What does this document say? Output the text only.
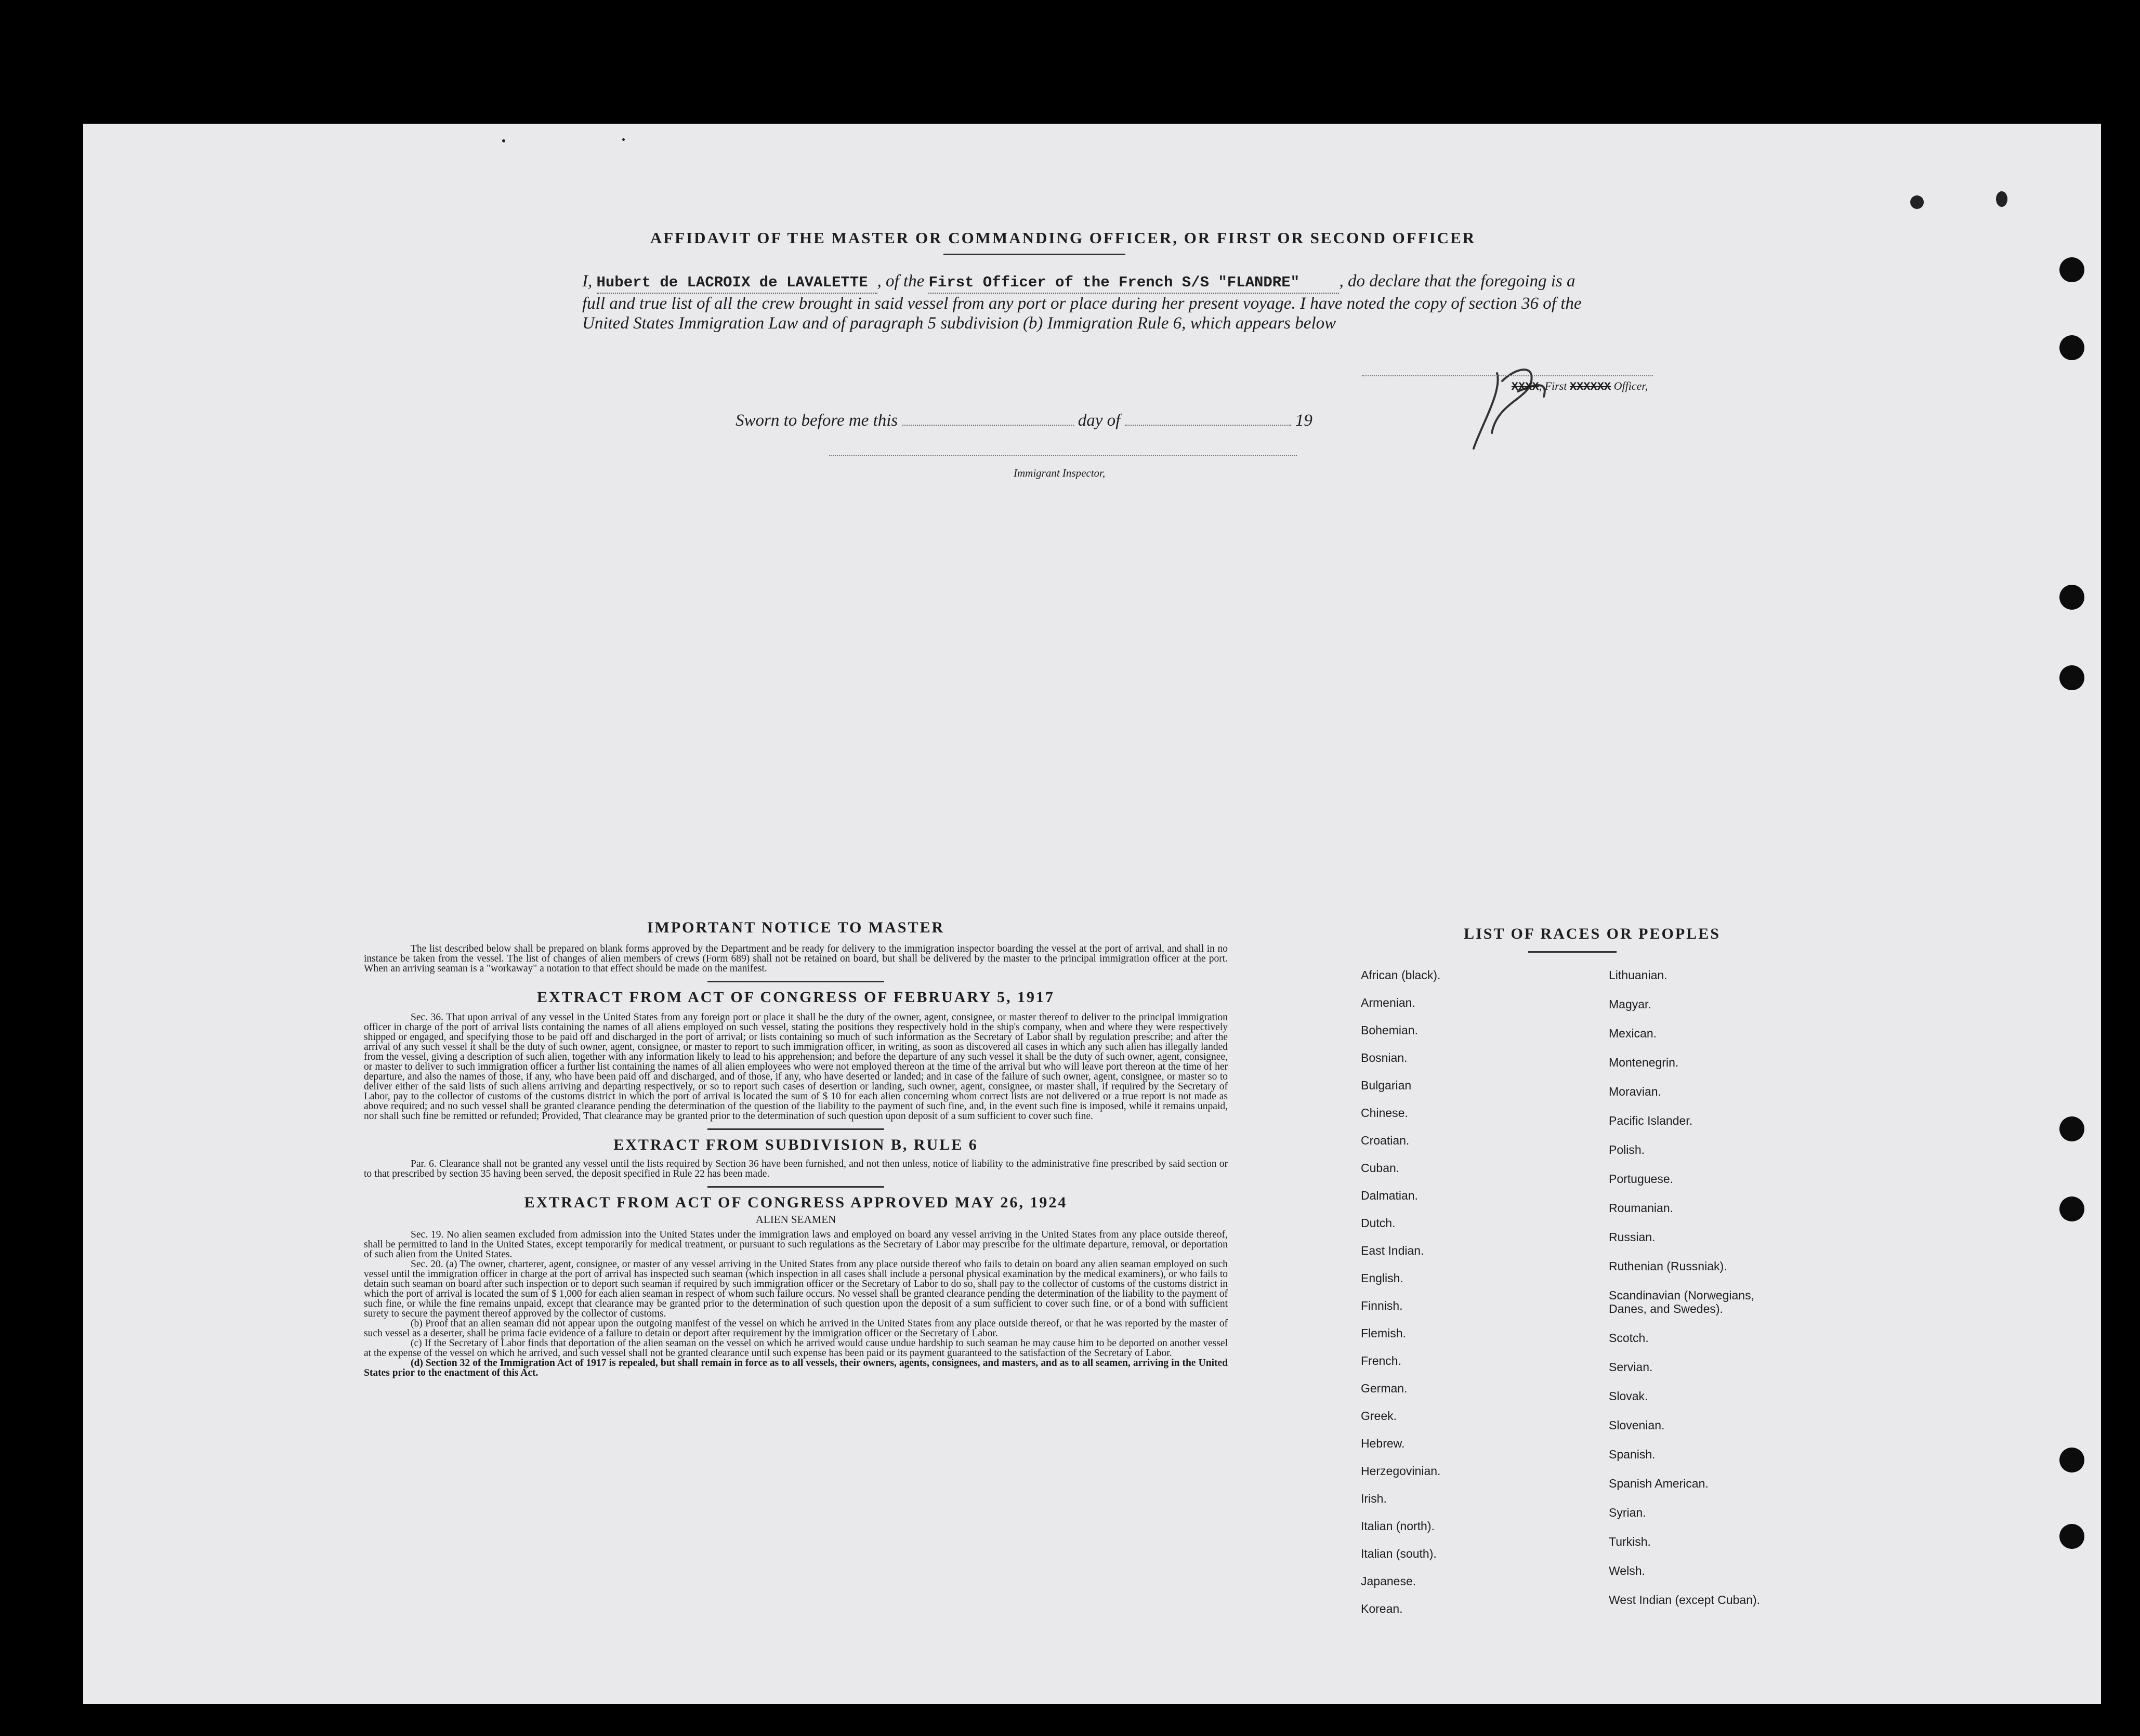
AFFIDAVIT OF THE MASTER OR COMMANDING OFFICER, OR FIRST OR SECOND OFFICER
I, Hubert de LACROIX de LAVALETTE , of the First Officer of the French S/S "FLANDRE" , do declare that the foregoing is a full and true list of all the crew brought in said vessel from any port or place during her present voyage. I have noted the copy of section 36 of the United States Immigration Law and of paragraph 5 subdivision (b) Immigration Rule 6, which appears below
XXXX, First XXXXXX Officer,
Sworn to before me this	day of	19
Immigrant Inspector,
IMPORTANT NOTICE TO MASTER

The list described below shall be prepared on blank forms approved by the Department and be ready for delivery to the immigration inspector boarding the vessel at the port of arrival, and shall in no instance be taken from the vessel. The list of changes of alien members of crews (Form 689) shall not be retained on board, but shall be delivered by the master to the principal immigration officer at the port. When an arriving seaman is a "workaway" a notation to that effect should be made on the manifest.

EXTRACT FROM ACT OF CONGRESS OF FEBRUARY 5, 1917

Sec. 36. That upon arrival of any vessel in the United States from any foreign port or place it shall be the duty of the owner, agent, consignee, or master thereof to deliver to the principal immigration officer in charge of the port of arrival lists containing the names of all aliens employed on such vessel, stating the positions they respectively hold in the ship's company, when and where they were respectively shipped or engaged, and specifying those to be paid off and discharged in the port of arrival; or lists containing so much of such information as the Secretary of Labor shall by regulation prescribe; and after the arrival of any such vessel it shall be the duty of such owner, agent, consignee, or master to report to such immigration officer, in writing, as soon as discovered all cases in which any such alien has illegally landed from the vessel, giving a description of such alien, together with any information likely to lead to his apprehension; and before the departure of any such vessel it shall be the duty of such owner, agent, consignee, or master to deliver to such immigration officer a further list containing the names of all alien employees who were not employed thereon at the time of the arrival but who will leave port thereon at the time of her departure, and also the names of those, if any, who have been paid off and discharged, and of those, if any, who have deserted or landed; and in case of the failure of such owner, agent, consignee, or master so to deliver either of the said lists of such aliens arriving and departing respectively, or so to report such cases of desertion or landing, such owner, agent, consignee, or master shall, if required by the Secretary of Labor, pay to the collector of customs of the customs district in which the port of arrival is located the sum of $ 10 for each alien concerning whom correct lists are not delivered or a true report is not made as above required; and no such vessel shall be granted clearance pending the determination of the question of the liability to the payment of such fine, and, in the event such fine is imposed, while it remains unpaid, nor shall such fine be remitted or refunded; Provided, That clearance may be granted prior to the determination of such question upon deposit of a sum sufficient to cover such fine.

EXTRACT FROM SUBDIVISION B, RULE 6

Par. 6. Clearance shall not be granted any vessel until the lists required by Section 36 have been furnished, and not then unless, notice of liability to the administrative fine prescribed by said section or to that prescribed by section 35 having been served, the deposit specified in Rule 22 has been made.

EXTRACT FROM ACT OF CONGRESS APPROVED MAY 26, 1924
ALIEN SEAMEN

Sec. 19. No alien seamen excluded from admission into the United States under the immigration laws and employed on board any vessel arriving in the United States from any place outside thereof, shall be permitted to land in the United States, except temporarily for medical treatment, or pursuant to such regulations as the Secretary of Labor may prescribe for the ultimate departure, removal, or deportation of such alien from the United States.

Sec. 20. (a) The owner, charterer, agent, consignee, or master of any vessel arriving in the United States from any place outside thereof who fails to detain on board any alien seaman employed on such vessel until the immigration officer in charge at the port of arrival has inspected such seaman (which inspection in all cases shall include a personal physical examination by the medical examiners), or who fails to detain such seaman on board after such inspection or to deport such seaman if required by such immigration officer or the Secretary of Labor to do so, shall pay to the collector of customs of the customs district in which the port of arrival is located the sum of $ 1,000 for each alien seaman in respect of whom such failure occurs. No vessel shall be granted clearance pending the determination of the liability to the payment of such fine, or while the fine remains unpaid, except that clearance may be granted prior to the determination of such question upon the deposit of a sum sufficient to cover such fine, or of a bond with sufficient surety to secure the payment thereof approved by the collector of customs.

(b) Proof that an alien seaman did not appear upon the outgoing manifest of the vessel on which he arrived in the United States from any place outside thereof, or that he was reported by the master of such vessel as a deserter, shall be prima facie evidence of a failure to detain or deport after requirement by the immigration officer or the Secretary of Labor.

(c) If the Secretary of Labor finds that deportation of the alien seaman on the vessel on which he arrived would cause undue hardship to such seaman he may cause him to be deported on another vessel at the expense of the vessel on which he arrived, and such vessel shall not be granted clearance until such expense has been paid or its payment guaranteed to the satisfaction of the Secretary of Labor.

(d) Section 32 of the Immigration Act of 1917 is repealed, but shall remain in force as to all vessels, their owners, agents, consignees, and masters, and as to all seamen, arriving in the United States prior to the enactment of this Act.

LIST OF RACES OR PEOPLES
African (black).
Armenian.
Bohemian.
Bosnian.
Bulgarian
Chinese.
Croatian.
Cuban.
Dalmatian.
Dutch.
East Indian.
English.
Finnish.
Flemish.
French.
German.
Greek.
Hebrew.
Herzegovinian.
Irish.
Italian (north).
Italian (south).
Japanese.
Korean.
Lithuanian.
Magyar.
Mexican.
Montenegrin.
Moravian.
Pacific Islander.
Polish.
Portuguese.
Roumanian.
Russian.
Ruthenian (Russniak).
Scandinavian (Norwegians, Danes, and Swedes).
Scotch.
Servian.
Slovak.
Slovenian.
Spanish.
Spanish American.
Syrian.
Turkish.
Welsh.
West Indian (except Cuban).
